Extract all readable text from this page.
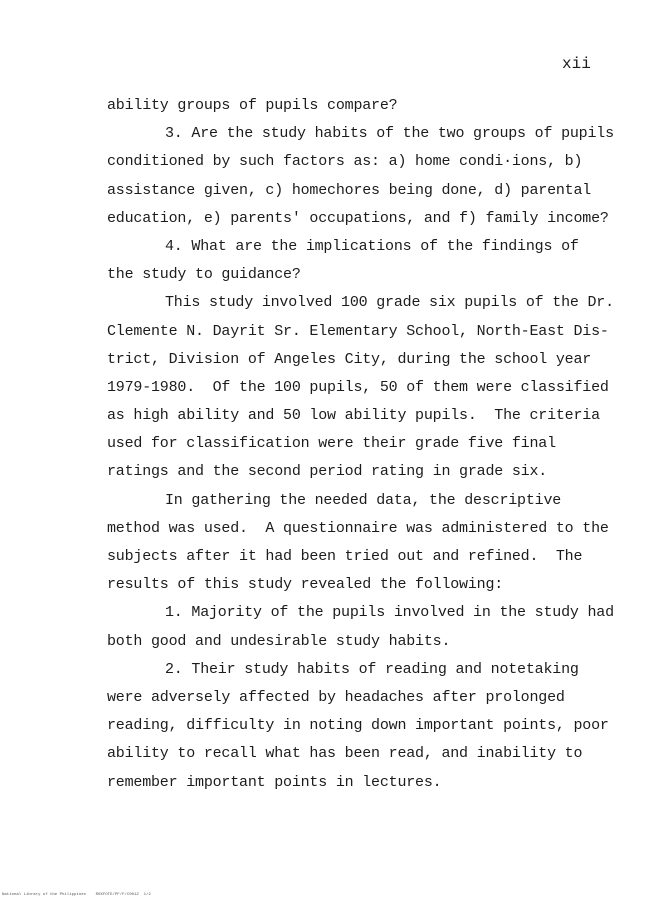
xii
ability groups of pupils compare?
3. Are the study habits of the two groups of pupils
conditioned by such factors as: a) home condi·ions, b)
assistance given, c) homechores being done, d) parental
education, e) parents' occupations, and f) family income?
4. What are the implications of the findings of
the study to guidance?
This study involved 100 grade six pupils of the Dr.
Clemente N. Dayrit Sr. Elementary School, North-East Dis-
trict, Division of Angeles City, during the school year
1979-1980.  Of the 100 pupils, 50 of them were classified
as high ability and 50 low ability pupils.  The criteria
used for classification were their grade five final
ratings and the second period rating in grade six.
In gathering the needed data, the descriptive
method was used.  A questionnaire was administered to the
subjects after it had been tried out and refined.  The
results of this study revealed the following:
1. Majority of the pupils involved in the study had
both good and undesirable study habits.
2. Their study habits of reading and notetaking
were adversely affected by headaches after prolonged
reading, difficulty in noting down important points, poor
ability to recall what has been read, and inability to
remember important points in lectures.
National Library of the Philippines    ROXFOTE/PF/F/C0012  1/2
